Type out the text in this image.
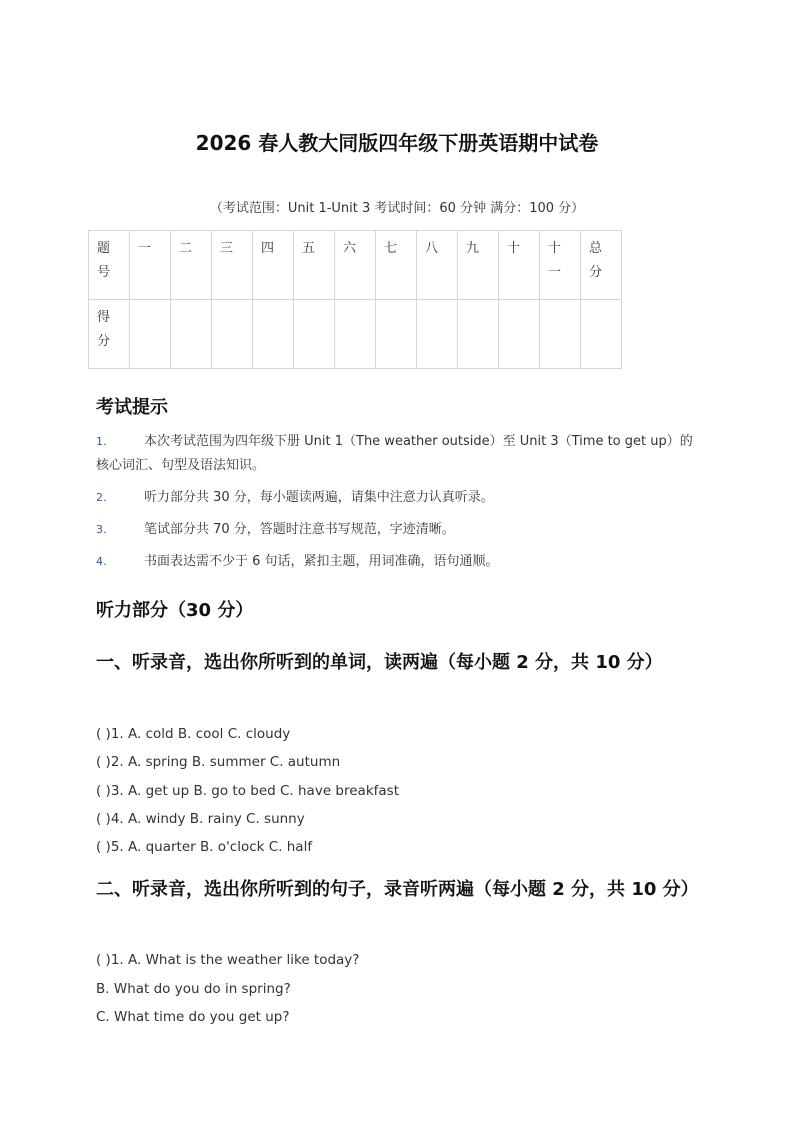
2026 春人教大同版四年级下册英语期中试卷
（考试范围：Unit 1-Unit 3 考试时间：60 分钟 满分：100 分）
题号	一	二	三	四	五	六	七	八	九	十	十一	总分
得分												
考试提示
1.	本次考试范围为四年级下册 Unit 1（The weather outside）至 Unit 3（Time to get up）的核心词汇、句型及语法知识。
2.	听力部分共 30 分，每小题读两遍，请集中注意力认真听录。
3.	笔试部分共 70 分，答题时注意书写规范，字迹清晰。
4.	书面表达需不少于 6 句话，紧扣主题，用词准确，语句通顺。
听力部分（30 分）
一、听录音，选出你所听到的单词，读两遍（每小题 2 分，共 10 分）
( )1. A. cold B. cool C. cloudy
( )2. A. spring B. summer C. autumn
( )3. A. get up B. go to bed C. have breakfast
( )4. A. windy B. rainy C. sunny
( )5. A. quarter B. o'clock C. half
二、听录音，选出你所听到的句子，录音听两遍（每小题 2 分，共 10 分）
( )1. A. What is the weather like today?
B. What do you do in spring?
C. What time do you get up?
